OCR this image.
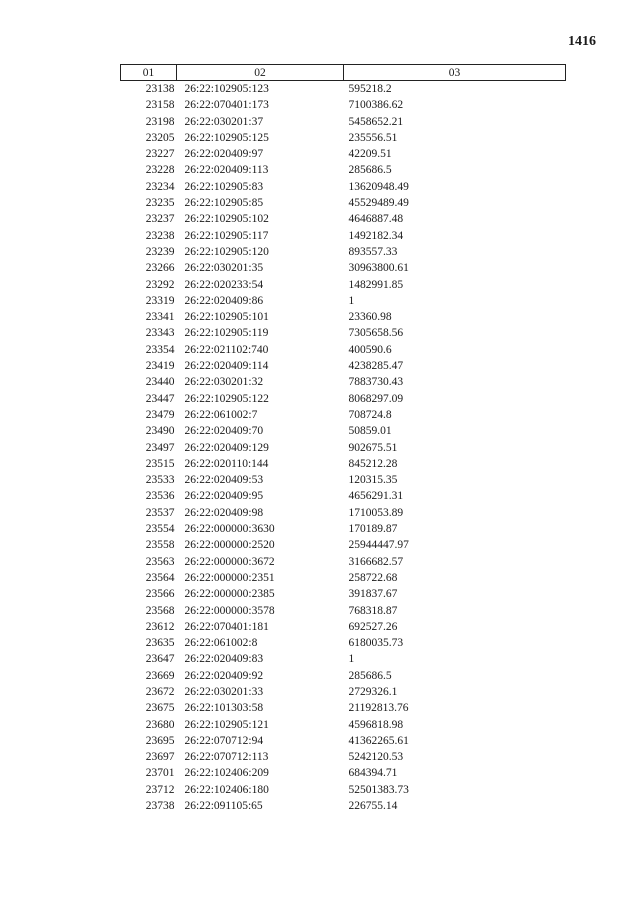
1416
01	02	03
23138	26:22:102905:123	595218.2
23158	26:22:070401:173	7100386.62
23198	26:22:030201:37	5458652.21
23205	26:22:102905:125	235556.51
23227	26:22:020409:97	42209.51
23228	26:22:020409:113	285686.5
23234	26:22:102905:83	13620948.49
23235	26:22:102905:85	45529489.49
23237	26:22:102905:102	4646887.48
23238	26:22:102905:117	1492182.34
23239	26:22:102905:120	893557.33
23266	26:22:030201:35	30963800.61
23292	26:22:020233:54	1482991.85
23319	26:22:020409:86	1
23341	26:22:102905:101	23360.98
23343	26:22:102905:119	7305658.56
23354	26:22:021102:740	400590.6
23419	26:22:020409:114	4238285.47
23440	26:22:030201:32	7883730.43
23447	26:22:102905:122	8068297.09
23479	26:22:061002:7	708724.8
23490	26:22:020409:70	50859.01
23497	26:22:020409:129	902675.51
23515	26:22:020110:144	845212.28
23533	26:22:020409:53	120315.35
23536	26:22:020409:95	4656291.31
23537	26:22:020409:98	1710053.89
23554	26:22:000000:3630	170189.87
23558	26:22:000000:2520	25944447.97
23563	26:22:000000:3672	3166682.57
23564	26:22:000000:2351	258722.68
23566	26:22:000000:2385	391837.67
23568	26:22:000000:3578	768318.87
23612	26:22:070401:181	692527.26
23635	26:22:061002:8	6180035.73
23647	26:22:020409:83	1
23669	26:22:020409:92	285686.5
23672	26:22:030201:33	2729326.1
23675	26:22:101303:58	21192813.76
23680	26:22:102905:121	4596818.98
23695	26:22:070712:94	41362265.61
23697	26:22:070712:113	5242120.53
23701	26:22:102406:209	684394.71
23712	26:22:102406:180	52501383.73
23738	26:22:091105:65	226755.14
